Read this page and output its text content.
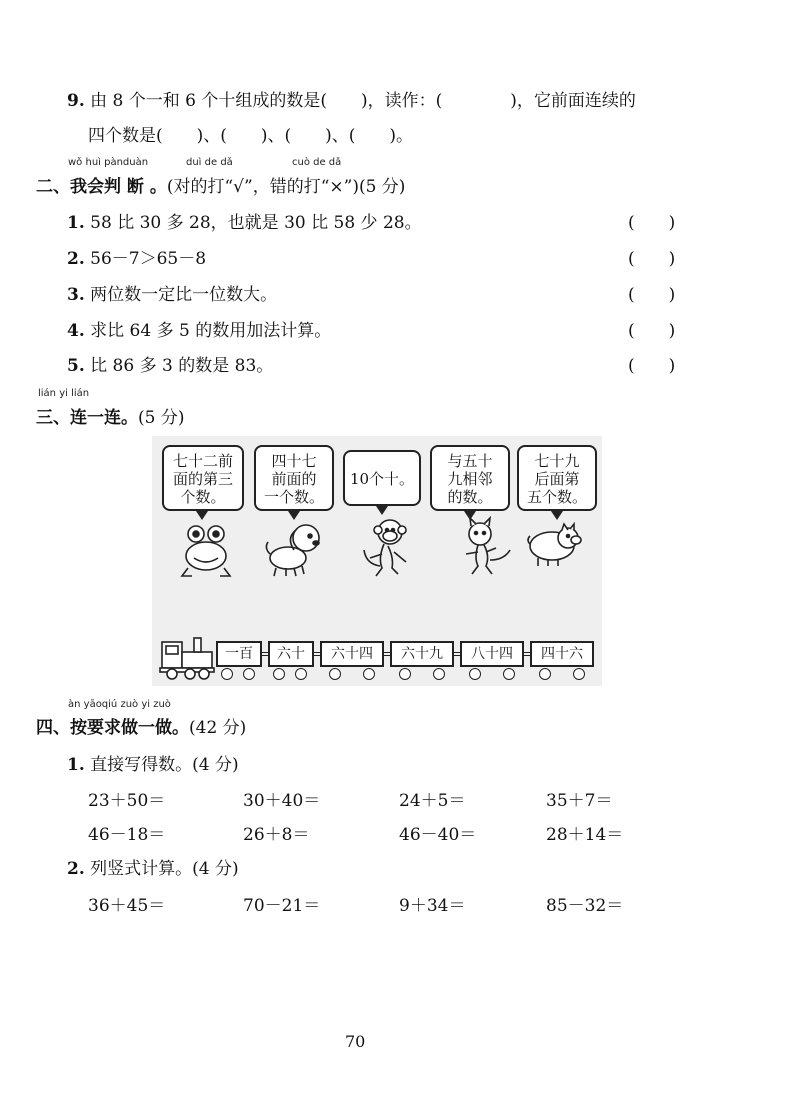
9. 由 8 个一和 6 个十组成的数是(　　)，读作：(　　　　)，它前面连续的
四个数是(　　)、(　　)、(　　)、(　　)。
wǒ huì pànduàn	duì de dǎ	cuò de dǎ
二、我会判 断 。(对的打“√”，错的打“×”)(5 分)
1. 58 比 30 多 28，也就是 30 比 58 少 28。	(　　)
2. 56－7＞65－8	(　　)
3. 两位数一定比一位数大。	(　　)
4. 求比 64 多 5 的数用加法计算。	(　　)
5. 比 86 多 3 的数是 83。	(　　)
lián yi lián
三、连一连。(5 分)
七十二前
面的第三
个数。
四十七
前面的
一个数。
10个十。
与五十
九相邻
的数。
七十九
后面第
五个数。
一百	六十	六十四	六十九	八十四	四十六
àn yāoqiú zuò yi zuò
四、按要求做一做。(42 分)
1. 直接写得数。(4 分)
23＋50＝	30＋40＝	24＋5＝	35＋7＝
46－18＝	26＋8＝	46－40＝	28＋14＝
2. 列竖式计算。(4 分)
36＋45＝	70－21＝	9＋34＝	85－32＝
70
